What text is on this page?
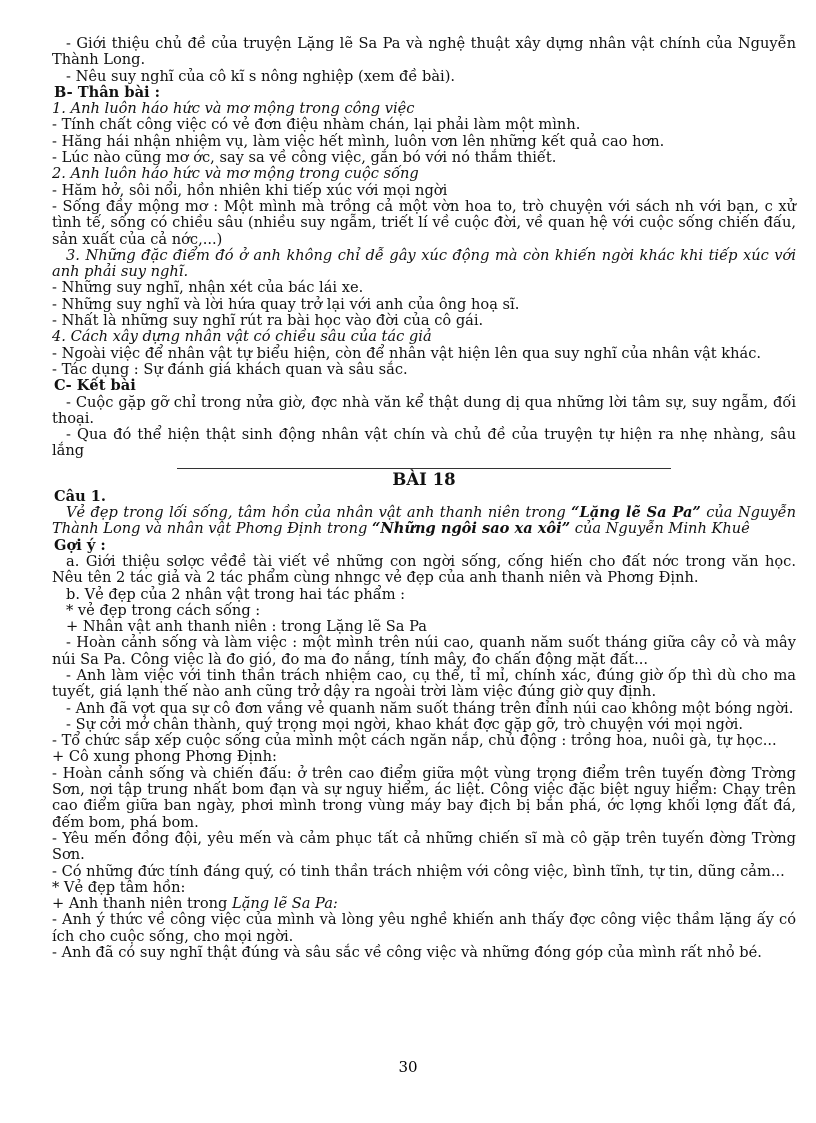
- Giới thiệu chủ đề của truyện Lặng lẽ Sa Pa và nghệ thuật xây dựng nhân vật chính của Nguyễn Thành Long.

- Nêu suy nghĩ của cô kĩ s nông nghiệp (xem đề bài).

B- Thân bài :

1. Anh luôn háo hức và mơ mộng trong công việc

- Tính chất công việc có vẻ đơn điệu nhàm chán, lại phải làm một mình.

- Hăng hái nhận nhiệm vụ, làm việc hết mình, luôn vơn lên những kết quả cao hơn.

- Lúc nào cũng mơ ớc, say sa về công việc, gắn bó với nó thắm thiết.

2. Anh luôn háo hức và mơ mộng trong cuộc sống

- Hăm hở, sôi nổi, hồn nhiên khi tiếp xúc với mọi ngời

- Sống đầy mộng mơ : Một mình mà trồng cả một vờn hoa to, trò chuyện với sách nh với bạn, c xử tình tế, sống có chiều sâu (nhiều suy ngẫm, triết lí về cuộc đời, về quan hệ với cuộc sống chiến đấu, sản xuất của cả nớc,...)

3. Những đặc điểm đó ở anh không chỉ dễ gây xúc động mà còn khiến ngời khác khi tiếp xúc với anh phải suy nghĩ.

- Những suy nghĩ, nhận xét của bác lái xe.

- Những suy nghĩ và lời hứa quay trở lại với anh của ông hoạ sĩ.

- Nhất là những suy nghĩ rút ra bài học vào đời của cô gái.

4. Cách xây dựng nhân vật có chiều sâu của tác giả

- Ngoài việc để nhân vật tự biểu hiện, còn để nhân vật hiện lên qua suy nghĩ của nhân vật khác.

- Tác dụng : Sự đánh giá khách quan và sâu sắc.

C- Kết bài

- Cuộc gặp gỡ chỉ trong nửa giờ, đợc nhà văn kể thật dung dị qua những lời tâm sự, suy ngẫm, đối thoại.

- Qua đó thể hiện thật sinh động nhân vật chín và chủ đề của truyện tự hiện ra nhẹ nhàng, sâu lắng

BÀI 18

Câu 1.

Vẻ đẹp trong lối sống, tâm hồn của nhân vật anh thanh niên trong “Lặng lẽ Sa Pa” của Nguyễn Thành Long và nhân vật Phơng Định trong “Những ngôi sao xa xôi” của Nguyễn Minh Khuê

Gợi ý :

a. Giới thiệu sơlợc vềđề tài viết về những con ngời sống, cống hiến cho đất nớc trong văn học. Nêu tên 2 tác giả và 2 tác phẩm cùng nhngc vẻ đẹp của anh thanh niên và Phơng Định.

b. Vẻ đẹp của 2 nhân vật trong hai tác phẩm :

* vẻ đẹp trong cách sống :

+ Nhân vật anh thanh niên : trong Lặng lẽ Sa Pa

- Hoàn cảnh sống và làm việc : một mình trên núi cao, quanh năm suốt tháng giữa cây cỏ và mây núi Sa Pa. Công việc là đo gió, đo ma đo nắng, tính mây, đo chấn động mặt đất...

- Anh làm việc với tinh thần trách nhiệm cao, cụ thể, tỉ mỉ, chính xác, đúng giờ ốp thì dù cho ma tuyết, giá lạnh thế nào anh cũng trở dậy ra ngoài trời làm việc đúng giờ quy định.

- Anh đã vợt qua sự cô đơn vắng vẻ quanh năm suốt tháng trên đỉnh núi cao không một bóng ngời.

- Sự cởi mở chân thành, quý trọng mọi ngời, khao khát đợc gặp gỡ, trò chuyện với mọi ngời.

- Tổ chức sắp xếp cuộc sống của mình một cách ngăn nắp, chủ động : trồng hoa, nuôi gà, tự học...

+ Cô xung phong Phơng Định:

- Hoàn cảnh sống và chiến đấu: ở trên cao điểm giữa một vùng trọng điểm trên tuyến đờng Trờng Sơn, nơi tập trung nhất bom đạn và sự nguy hiểm, ác liệt. Công việc đặc biệt nguy hiểm: Chạy trên cao điểm giữa ban ngày, phơi mình trong vùng máy bay địch bị bắn phá, ớc lợng khối lợng đất đá, đếm bom, phá bom.

- Yêu mến đồng đội, yêu mến và cảm phục tất cả những chiến sĩ mà cô gặp trên tuyến đờng Trờng Sơn.

- Có những đức tính đáng quý, có tinh thần trách nhiệm với công việc, bình tĩnh, tự tin, dũng cảm...

* Vẻ đẹp tâm hồn:

+ Anh thanh niên trong Lặng lẽ Sa Pa:

- Anh ý thức về công việc của mình và lòng yêu nghề khiến anh thấy đợc công việc thầm lặng ấy có ích cho cuộc sống, cho mọi ngời.

- Anh đã có suy nghĩ thật đúng và sâu sắc về công việc và những đóng góp của mình rất nhỏ bé.

30
